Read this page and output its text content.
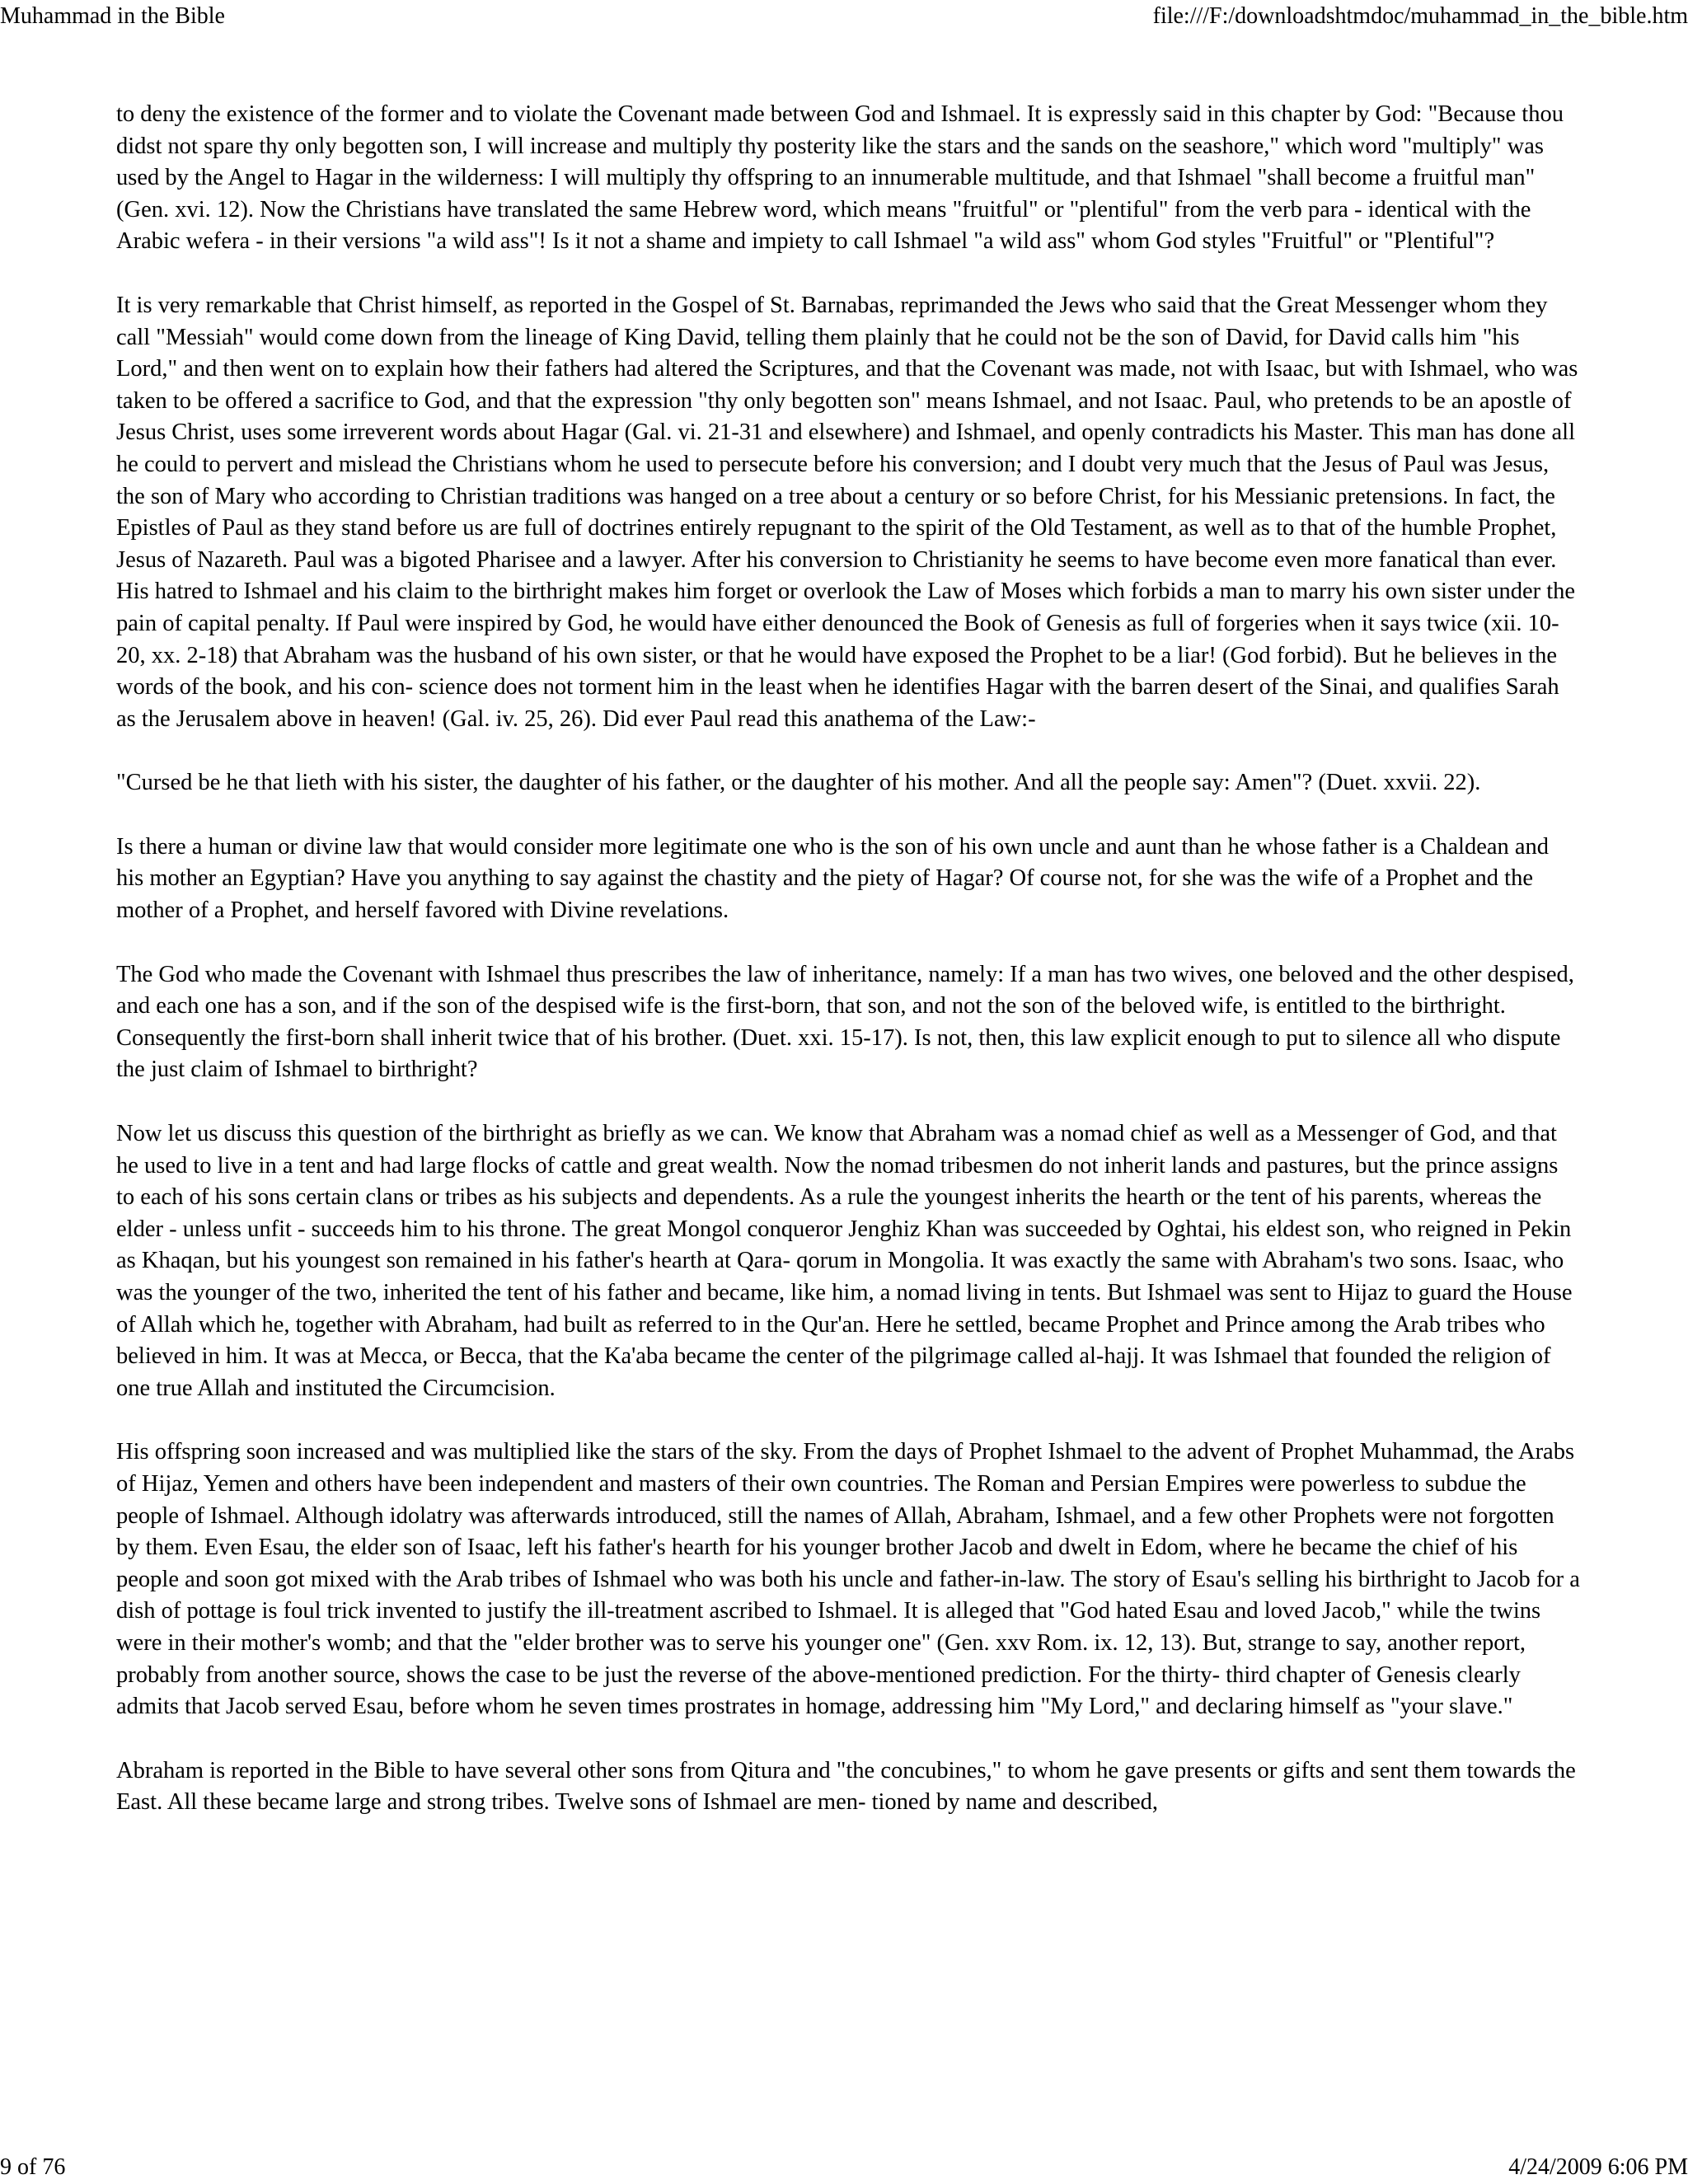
Muhammad in the Bible	file:///F:/downloadshtmdoc/muhammad_in_the_bible.htm

to deny the existence of the former and to violate the Covenant made between God and Ishmael. It is expressly said in this chapter by God: "Because thou didst not spare thy only begotten son, I will increase and multiply thy posterity like the stars and the sands on the seashore," which word "multiply" was used by the Angel to Hagar in the wilderness: I will multiply thy offspring to an innumerable multitude, and that Ishmael "shall become a fruitful man" (Gen. xvi. 12). Now the Christians have translated the same Hebrew word, which means "fruitful" or "plentiful" from the verb para - identical with the Arabic wefera - in their versions "a wild ass"! Is it not a shame and impiety to call Ishmael "a wild ass" whom God styles "Fruitful" or "Plentiful"?

It is very remarkable that Christ himself, as reported in the Gospel of St. Barnabas, reprimanded the Jews who said that the Great Messenger whom they call "Messiah" would come down from the lineage of King David, telling them plainly that he could not be the son of David, for David calls him "his Lord," and then went on to explain how their fathers had altered the Scriptures, and that the Covenant was made, not with Isaac, but with Ishmael, who was taken to be offered a sacrifice to God, and that the expression "thy only begotten son" means Ishmael, and not Isaac. Paul, who pretends to be an apostle of Jesus Christ, uses some irreverent words about Hagar (Gal. vi. 21-31 and elsewhere) and Ishmael, and openly contradicts his Master. This man has done all he could to pervert and mislead the Christians whom he used to persecute before his conversion; and I doubt very much that the Jesus of Paul was Jesus, the son of Mary who according to Christian traditions was hanged on a tree about a century or so before Christ, for his Messianic pretensions. In fact, the Epistles of Paul as they stand before us are full of doctrines entirely repugnant to the spirit of the Old Testament, as well as to that of the humble Prophet, Jesus of Nazareth. Paul was a bigoted Pharisee and a lawyer. After his conversion to Christianity he seems to have become even more fanatical than ever. His hatred to Ishmael and his claim to the birthright makes him forget or overlook the Law of Moses which forbids a man to marry his own sister under the pain of capital penalty. If Paul were inspired by God, he would have either denounced the Book of Genesis as full of forgeries when it says twice (xii. 10-20, xx. 2-18) that Abraham was the husband of his own sister, or that he would have exposed the Prophet to be a liar! (God forbid). But he believes in the words of the book, and his con- science does not torment him in the least when he identifies Hagar with the barren desert of the Sinai, and qualifies Sarah as the Jerusalem above in heaven! (Gal. iv. 25, 26). Did ever Paul read this anathema of the Law:-

"Cursed be he that lieth with his sister, the daughter of his father, or the daughter of his mother. And all the people say: Amen"? (Duet. xxvii. 22).

Is there a human or divine law that would consider more legitimate one who is the son of his own uncle and aunt than he whose father is a Chaldean and his mother an Egyptian? Have you anything to say against the chastity and the piety of Hagar? Of course not, for she was the wife of a Prophet and the mother of a Prophet, and herself favored with Divine revelations.

The God who made the Covenant with Ishmael thus prescribes the law of inheritance, namely: If a man has two wives, one beloved and the other despised, and each one has a son, and if the son of the despised wife is the first-born, that son, and not the son of the beloved wife, is entitled to the birthright. Consequently the first-born shall inherit twice that of his brother. (Duet. xxi. 15-17). Is not, then, this law explicit enough to put to silence all who dispute the just claim of Ishmael to birthright?

Now let us discuss this question of the birthright as briefly as we can. We know that Abraham was a nomad chief as well as a Messenger of God, and that he used to live in a tent and had large flocks of cattle and great wealth. Now the nomad tribesmen do not inherit lands and pastures, but the prince assigns to each of his sons certain clans or tribes as his subjects and dependents. As a rule the youngest inherits the hearth or the tent of his parents, whereas the elder - unless unfit - succeeds him to his throne. The great Mongol conqueror Jenghiz Khan was succeeded by Oghtai, his eldest son, who reigned in Pekin as Khaqan, but his youngest son remained in his father's hearth at Qara- qorum in Mongolia. It was exactly the same with Abraham's two sons. Isaac, who was the younger of the two, inherited the tent of his father and became, like him, a nomad living in tents. But Ishmael was sent to Hijaz to guard the House of Allah which he, together with Abraham, had built as referred to in the Qur'an. Here he settled, became Prophet and Prince among the Arab tribes who believed in him. It was at Mecca, or Becca, that the Ka'aba became the center of the pilgrimage called al-hajj. It was Ishmael that founded the religion of one true Allah and instituted the Circumcision.

His offspring soon increased and was multiplied like the stars of the sky. From the days of Prophet Ishmael to the advent of Prophet Muhammad, the Arabs of Hijaz, Yemen and others have been independent and masters of their own countries. The Roman and Persian Empires were powerless to subdue the people of Ishmael. Although idolatry was afterwards introduced, still the names of Allah, Abraham, Ishmael, and a few other Prophets were not forgotten by them. Even Esau, the elder son of Isaac, left his father's hearth for his younger brother Jacob and dwelt in Edom, where he became the chief of his people and soon got mixed with the Arab tribes of Ishmael who was both his uncle and father-in-law. The story of Esau's selling his birthright to Jacob for a dish of pottage is foul trick invented to justify the ill-treatment ascribed to Ishmael. It is alleged that "God hated Esau and loved Jacob," while the twins were in their mother's womb; and that the "elder brother was to serve his younger one" (Gen. xxv Rom. ix. 12, 13). But, strange to say, another report, probably from another source, shows the case to be just the reverse of the above-mentioned prediction. For the thirty- third chapter of Genesis clearly admits that Jacob served Esau, before whom he seven times prostrates in homage, addressing him "My Lord," and declaring himself as "your slave."

Abraham is reported in the Bible to have several other sons from Qitura and "the concubines," to whom he gave presents or gifts and sent them towards the East. All these became large and strong tribes. Twelve sons of Ishmael are men- tioned by name and described,

9 of 76	4/24/2009 6:06 PM
